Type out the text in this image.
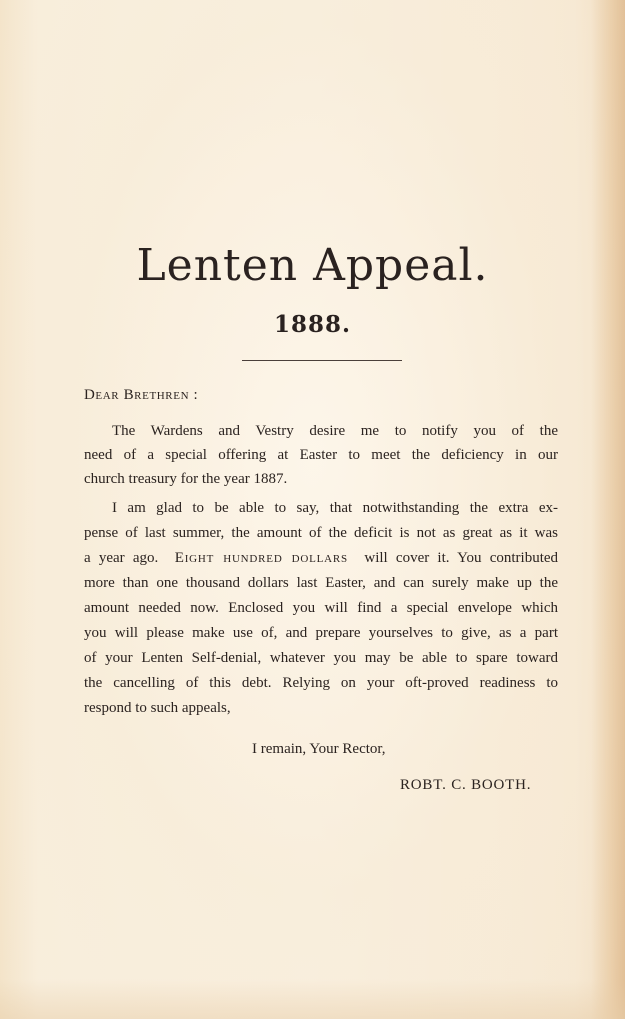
Lenten Appeal.
1888.
Dear Brethren :
The Wardens and Vestry desire me to notify you of the
need of a special offering at Easter to meet the deficiency in our
church treasury for the year 1887.
I am glad to be able to say, that notwithstanding the extra ex-
pense of last summer, the amount of the deficit is not as great as it was
a year ago. Eight hundred dollars will cover it. You contributed
more than one thousand dollars last Easter, and can surely make up the
amount needed now. Enclosed you will find a special envelope which
you will please make use of, and prepare yourselves to give, as a part
of your Lenten Self-denial, whatever you may be able to spare toward
the cancelling of this debt. Relying on your oft-proved readiness to
respond to such appeals,
I remain, Your Rector,
ROBT. C. BOOTH.
